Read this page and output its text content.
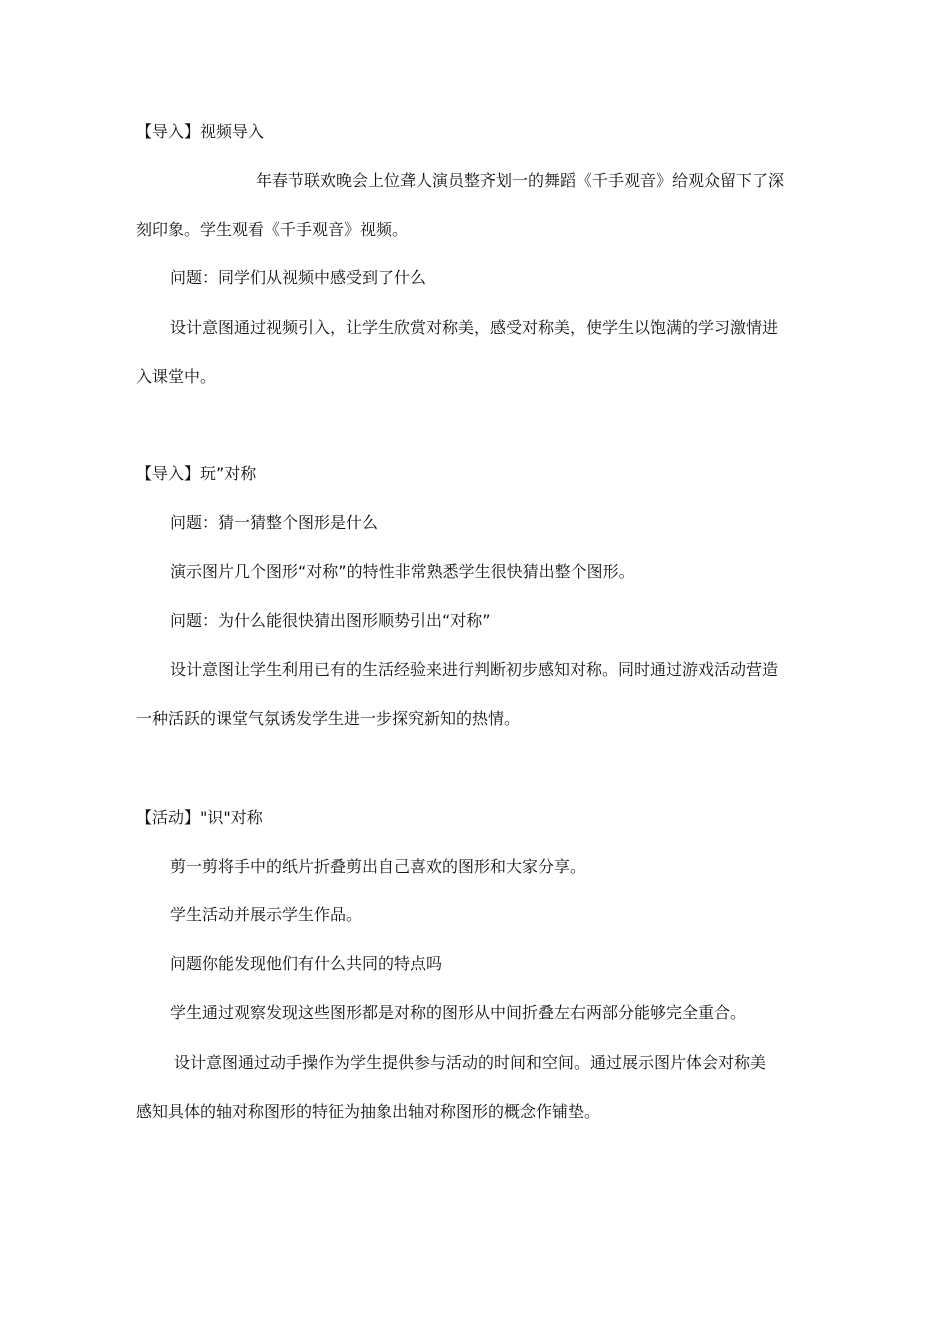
【导入】视频导入

年春节联欢晚会上位聋人演员整齐划一的舞蹈《千手观音》给观众留下了深

刻印象。学生观看《千手观音》视频。

问题：同学们从视频中感受到了什么

设计意图通过视频引入，让学生欣赏对称美，感受对称美，使学生以饱满的学习激情进

入课堂中。

【导入】玩”对称

问题：猜一猜整个图形是什么

演示图片几个图形“对称”的特性非常熟悉学生很快猜出整个图形。

问题：为什么能很快猜出图形顺势引出“对称”

设计意图让学生利用已有的生活经验来进行判断初步感知对称。同时通过游戏活动营造

一种活跃的课堂气氛诱发学生进一步探究新知的热情。

【活动】"识"对称

剪一剪将手中的纸片折叠剪出自己喜欢的图形和大家分享。

学生活动并展示学生作品。

问题你能发现他们有什么共同的特点吗

学生通过观察发现这些图形都是对称的图形从中间折叠左右两部分能够完全重合。

设计意图通过动手操作为学生提供参与活动的时间和空间。通过展示图片体会对称美

感知具体的轴对称图形的特征为抽象出轴对称图形的概念作铺垫。
